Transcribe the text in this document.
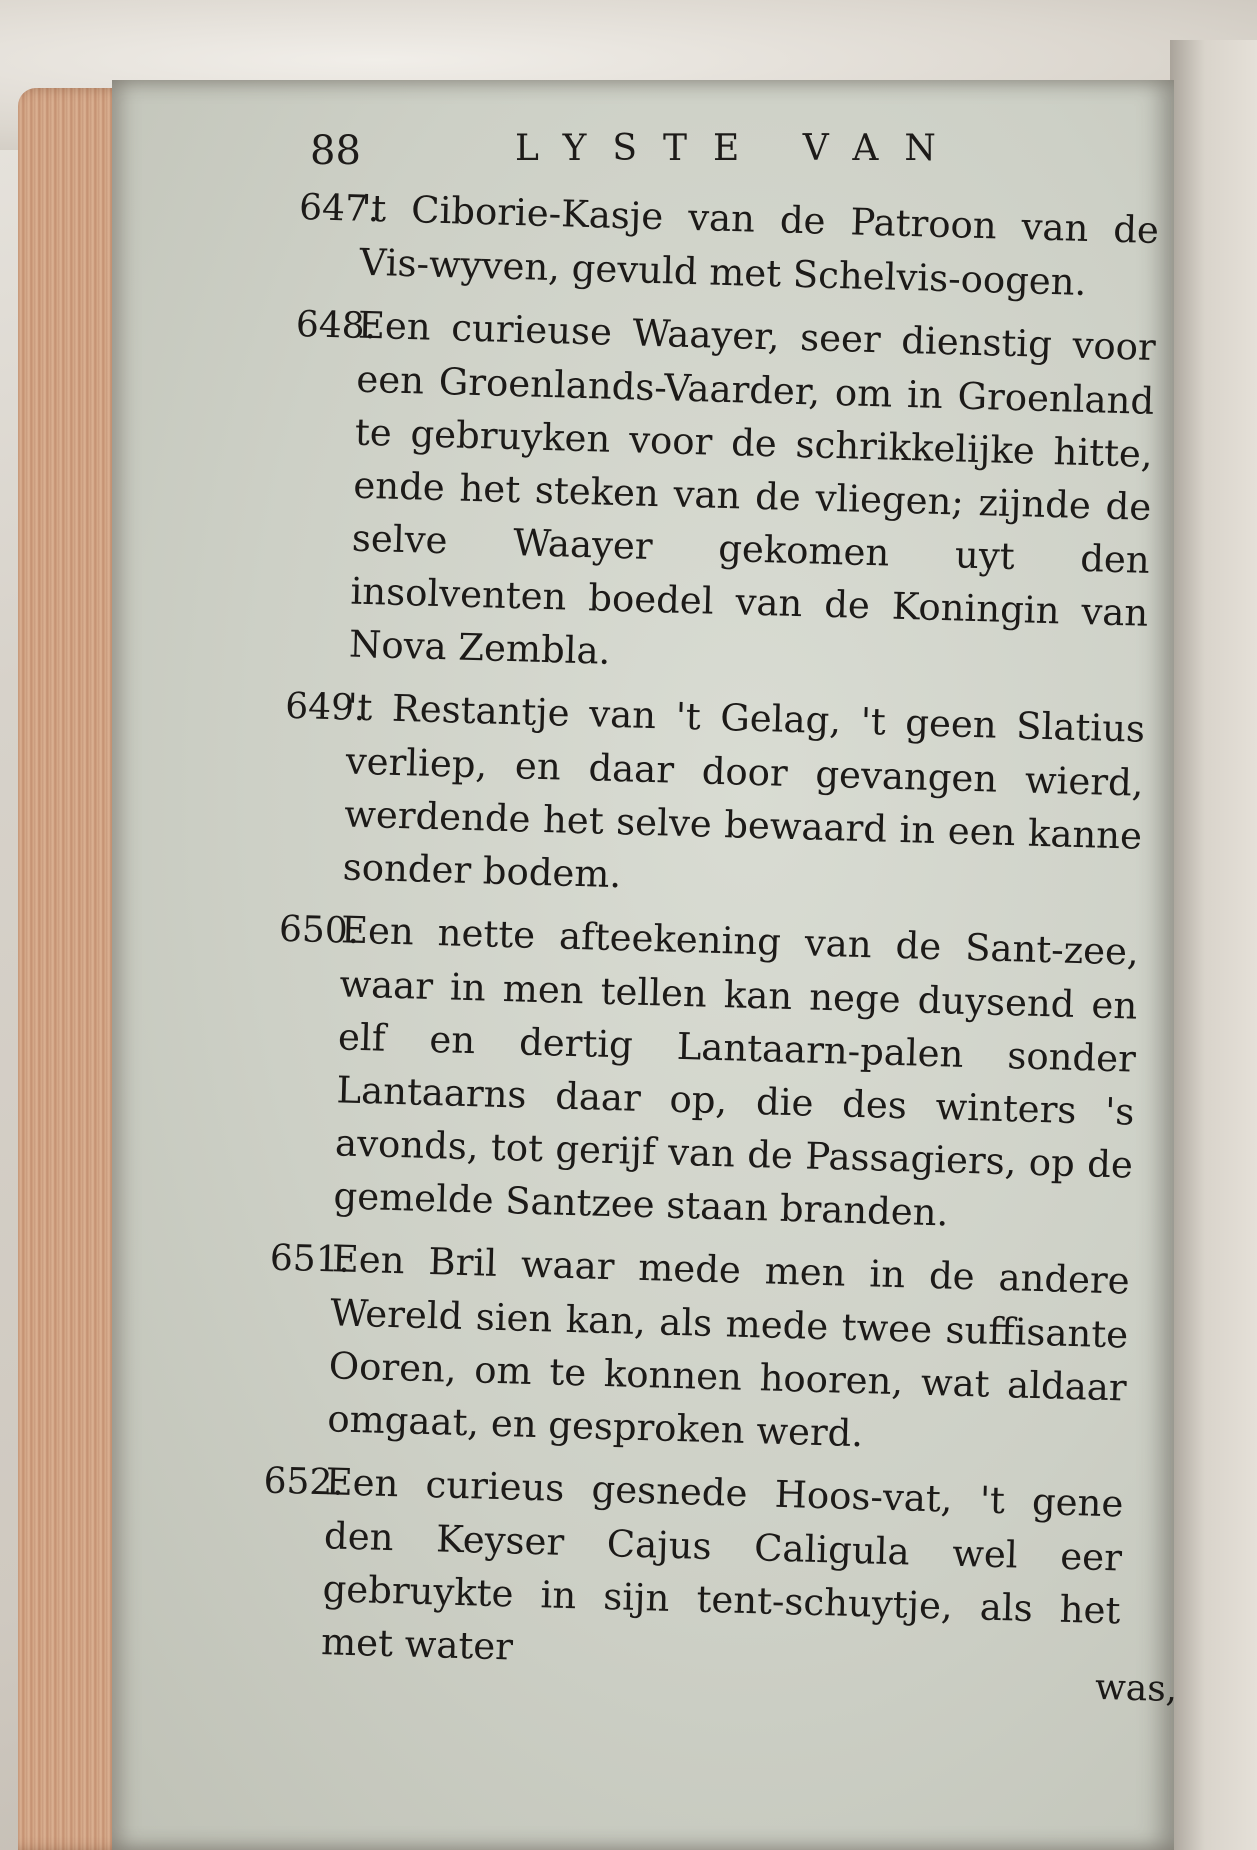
88	LYSTE VAN

647.'t Ciborie-Kasje van de Patroon van de Vis-wyven, gevuld met Schelvis-oogen.

648.Een curieuse Waayer, seer dienstig voor een Groenlands-Vaarder, om in Groenland te gebruyken voor de schrikkelijke hitte, ende het steken van de vliegen; zijnde de selve Waayer gekomen uyt den insolventen boedel van de Koningin van Nova Zembla.

649.'t Restantje van 't Gelag, 't geen Slatius verliep, en daar door gevangen wierd, werdende het selve bewaard in een kanne sonder bodem.

650.Een nette afteekening van de Sant-zee, waar in men tellen kan nege duysend en elf en dertig Lantaarn-palen sonder Lantaarns daar op, die des winters 's avonds, tot gerijf van de Passagiers, op de gemelde Santzee staan branden.

651.Een Bril waar mede men in de andere Wereld sien kan, als mede twee suffisante Ooren, om te konnen hooren, wat aldaar omgaat, en gesproken werd.

652.Een curieus gesnede Hoos-vat, 't gene den Keyser Cajus Caligula wel eer gebruykte in sijn tent-schuytje, als het met water

was,
